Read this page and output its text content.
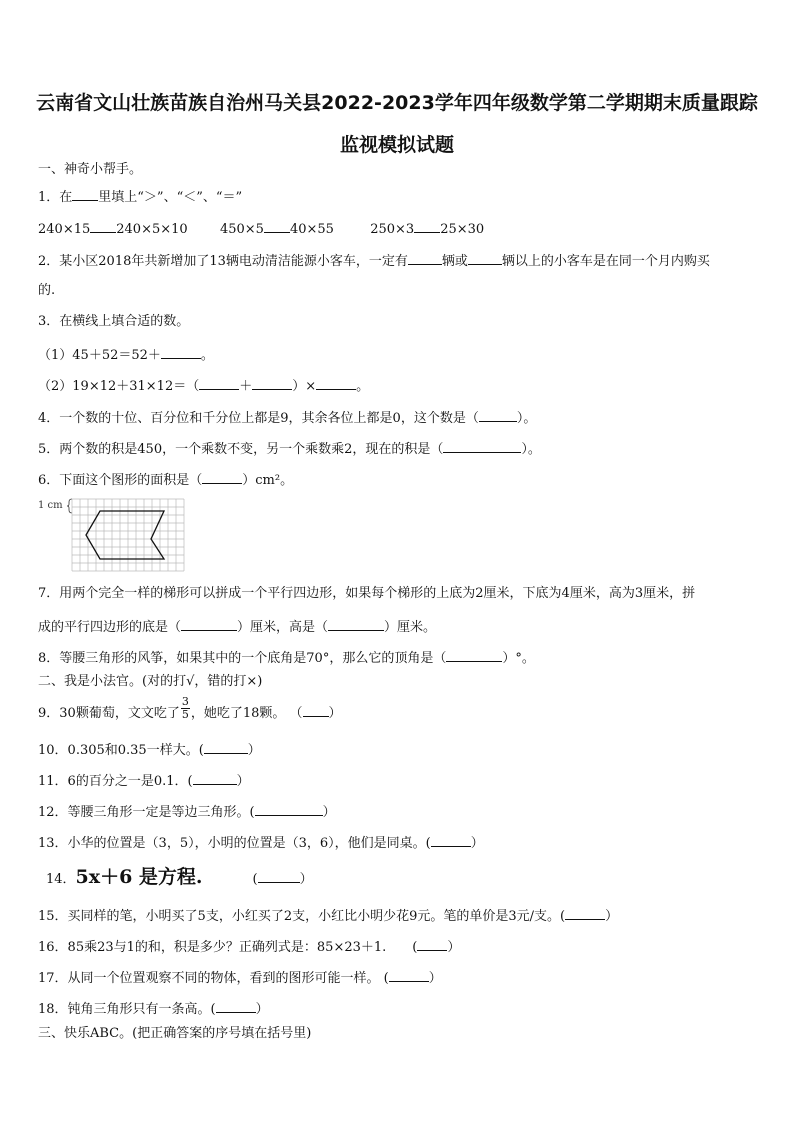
云南省文山壮族苗族自治州马关县2022-2023学年四年级数学第二学期期末质量跟踪
监视模拟试题
一、神奇小帮手。
1．在 里填上“＞”、“＜”、“＝”
240×15 240×5×10 450×5 40×55	250×3 25×30
2．某小区2018年共新增加了13辆电动清洁能源小客车，一定有	辆或	辆以上的小客车是在同一个月内购买
的.
3．在横线上填合适的数。
（1）45＋52＝52＋	。
（2）19×12＋31×12＝（	＋	）×	。
4．一个数的十位、百分位和千分位上都是9，其余各位上都是0，这个数是（	）。
5．两个数的积是450，一个乘数不变，另一个乘数乘2，现在的积是（	）。
6．下面这个图形的面积是（	）cm²。
1 cm
7．用两个完全一样的梯形可以拼成一个平行四边形，如果每个梯形的上底为2厘米，下底为4厘米，高为3厘米，拼
成的平行四边形的底是（	）厘米，高是（	）厘米。
8．等腰三角形的风筝，如果其中的一个底角是70°，那么它的顶角是（	）°。
二、我是小法官。(对的打√，错的打×)
9．30颗葡萄，文文吃了 $\frac{3}{5}$ ，她吃了18颗。 （ ）
10．0.305和0.35一样大。(	）
11．6的百分之一是0.1．(	）
12．等腰三角形一定是等边三角形。(	）
13．小华的位置是（3，5），小明的位置是（3，6），他们是同桌。(	）
14．5x＋6 是方程.	(	）
15．买同样的笔，小明买了5支，小红买了2支，小红比小明少花9元。笔的单价是3元/支。(	）
16．85乘23与1的和，积是多少？正确列式是：85×23＋1.　　( ）
17．从同一个位置观察不同的物体，看到的图形可能一样。 (	）
18．钝角三角形只有一条高。(	）
三、快乐ABC。(把正确答案的序号填在括号里)
